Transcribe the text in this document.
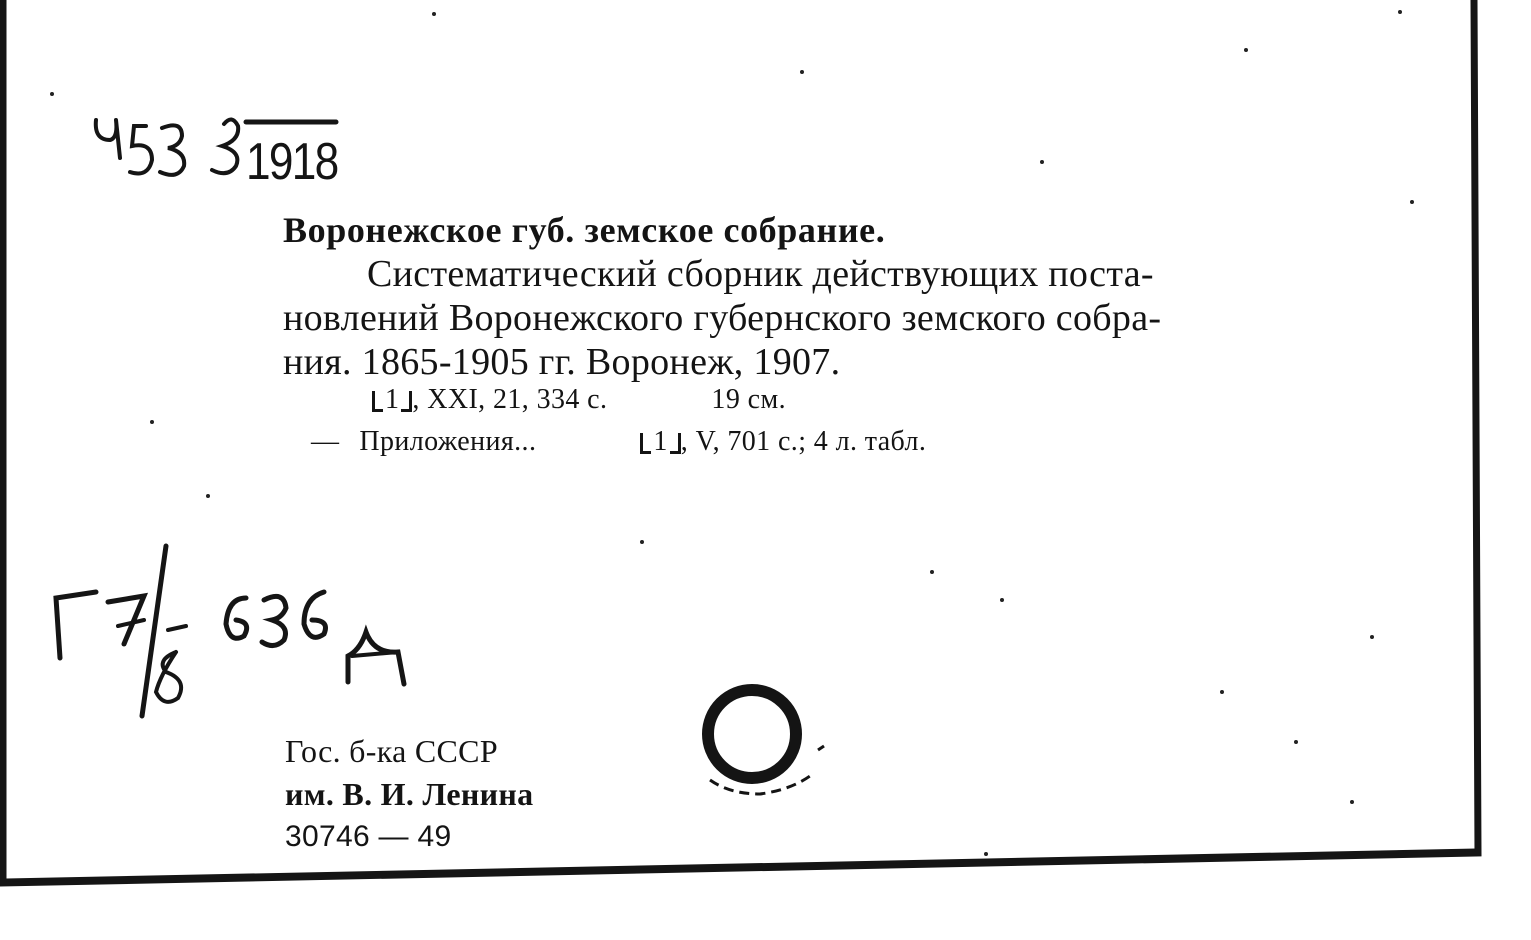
1918
Воронежское губ. земское собрание.
Систематический сборник действующих поста-
новлений Воронежского губернского земского собра-
ния. 1865-1905 гг. Воронеж, 1907.
1 , XXI, 21, 334 с.	19 см.
— Приложения...	1 , V, 701 с.; 4 л. табл.
Гос. б-ка СССР
им. В. И. Ленина
30746 — 49
